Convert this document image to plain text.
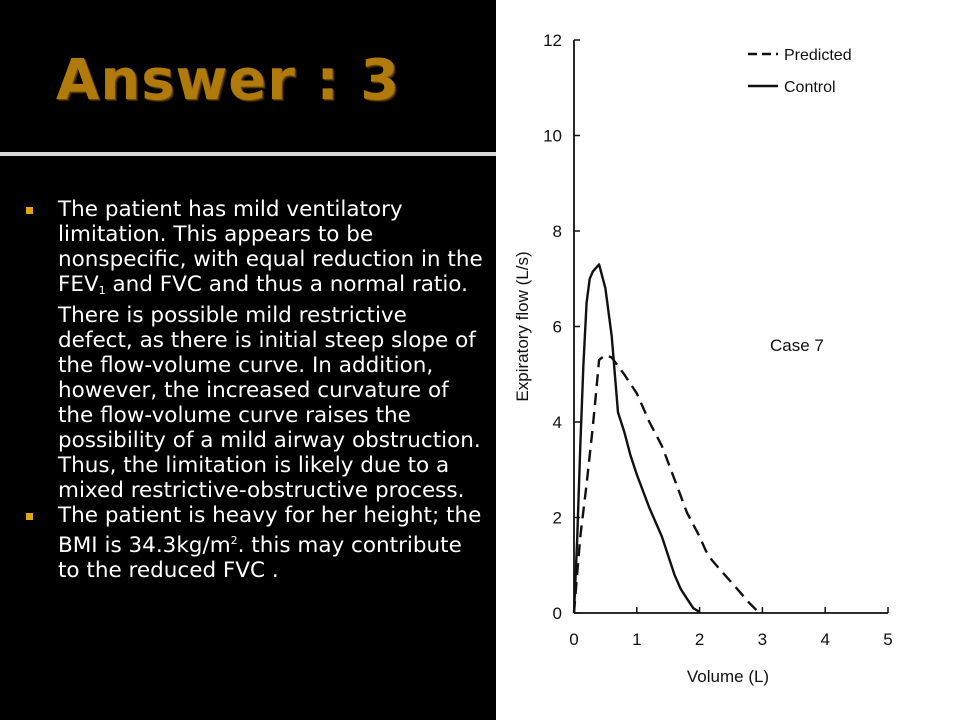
Answer : 3
The patient has mild ventilatory limitation. This appears to be nonspecific, with equal reduction in the $FEV_1$ and FVC and thus a normal ratio. There is possible mild restrictive defect, as there is initial steep slope of the flow-volume curve. In addition, however, the increased curvature of the flow-volume curve raises the possibility of a mild airway obstruction. Thus, the limitation is likely due to a mixed restrictive-obstructive process.
The patient is heavy for her height; the BMI is $34.3kg/m^2$. this may contribute to the reduced FVC .
0
2
4
6
8
10
12
0	1	2	3	4	5
Volume (L)
Expiratory flow (L/s)
Predicted
Control
Case 7
